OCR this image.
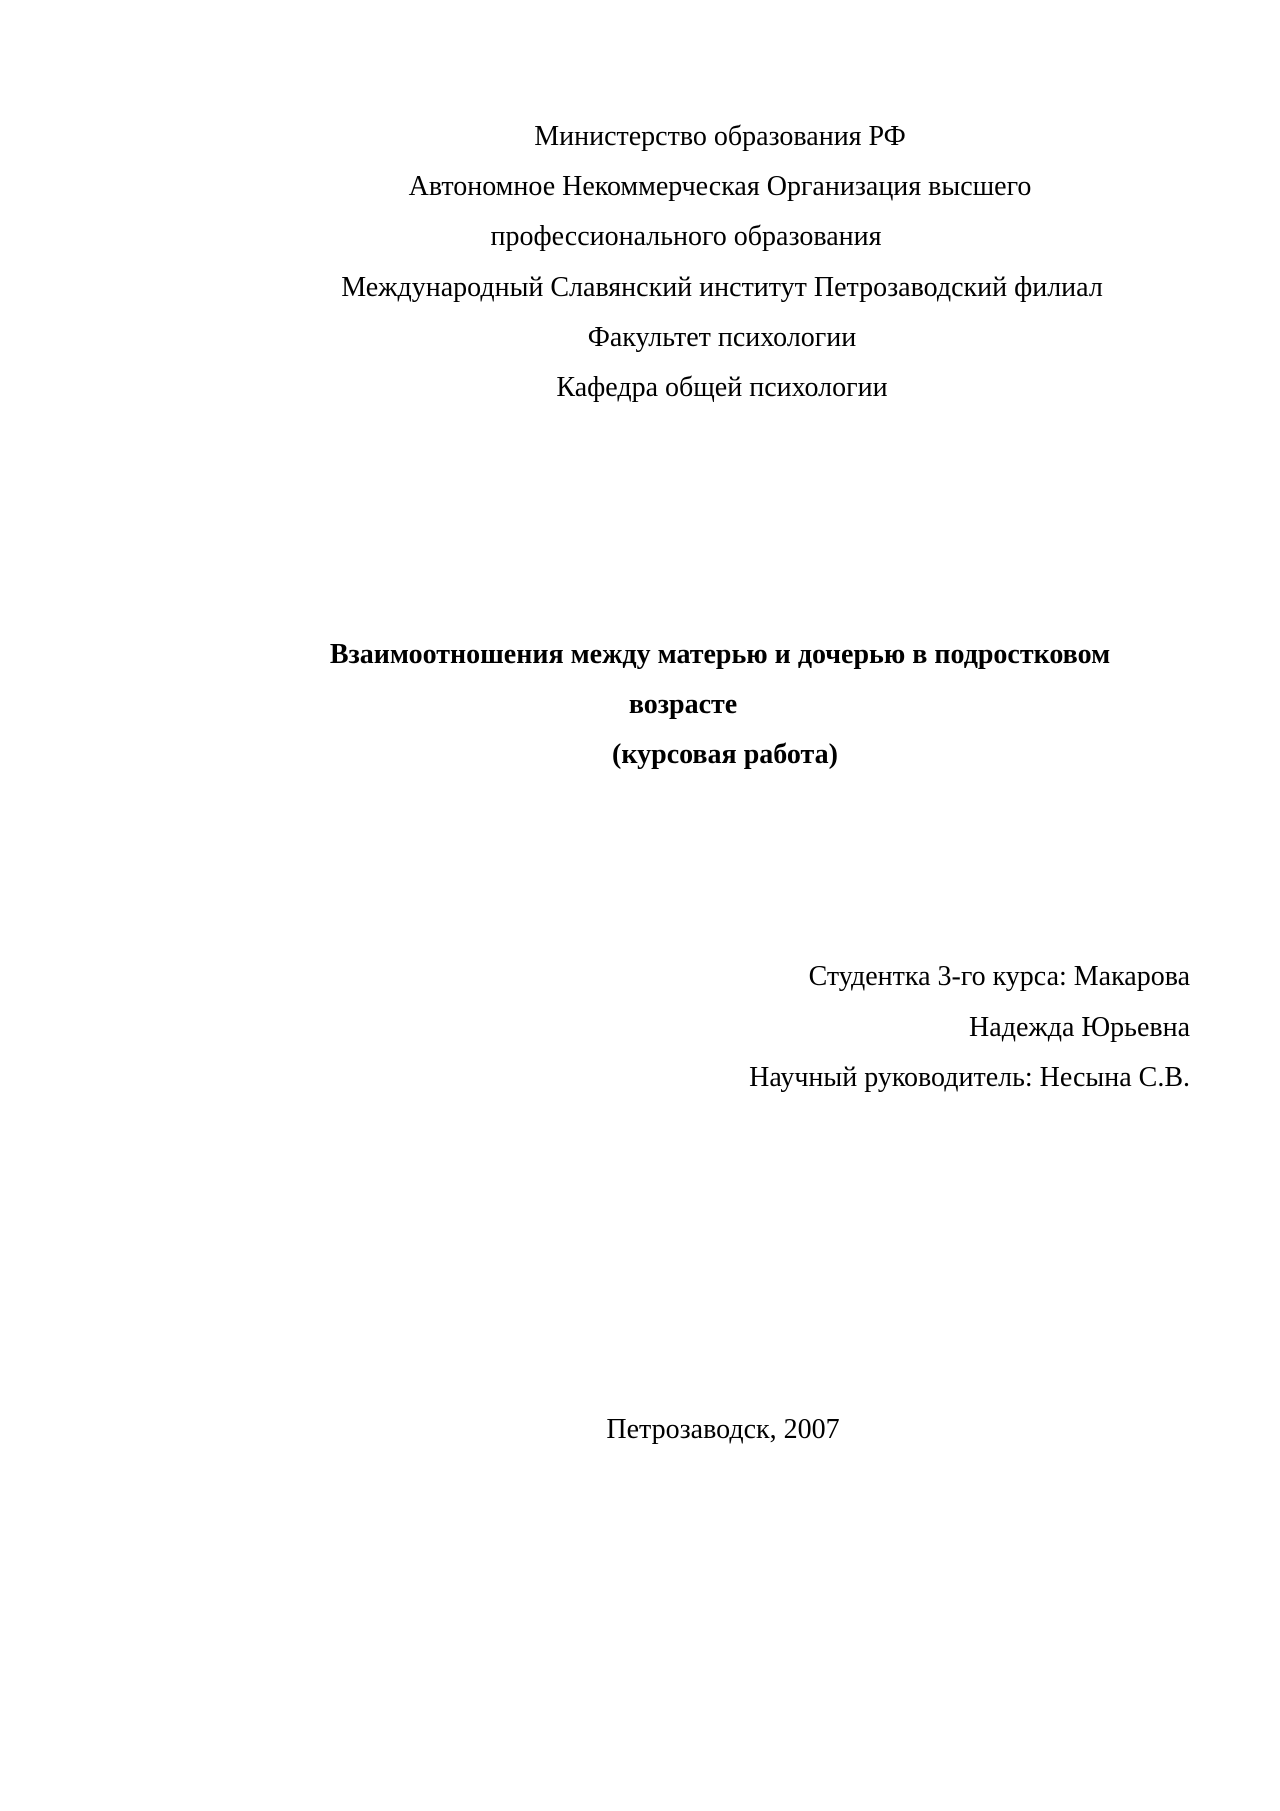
Министерство образования РФ

Автономное Некоммерческая Организация высшего

профессионального образования

Международный Славянский институт Петрозаводский филиал

Факультет психологии

Кафедра общей психологии

Взаимоотношения между матерью и дочерью в подростковом

возрасте

(курсовая работа)

Студентка 3-го курса: Макарова

Надежда Юрьевна

Научный руководитель: Несына С.В.

Петрозаводск, 2007
